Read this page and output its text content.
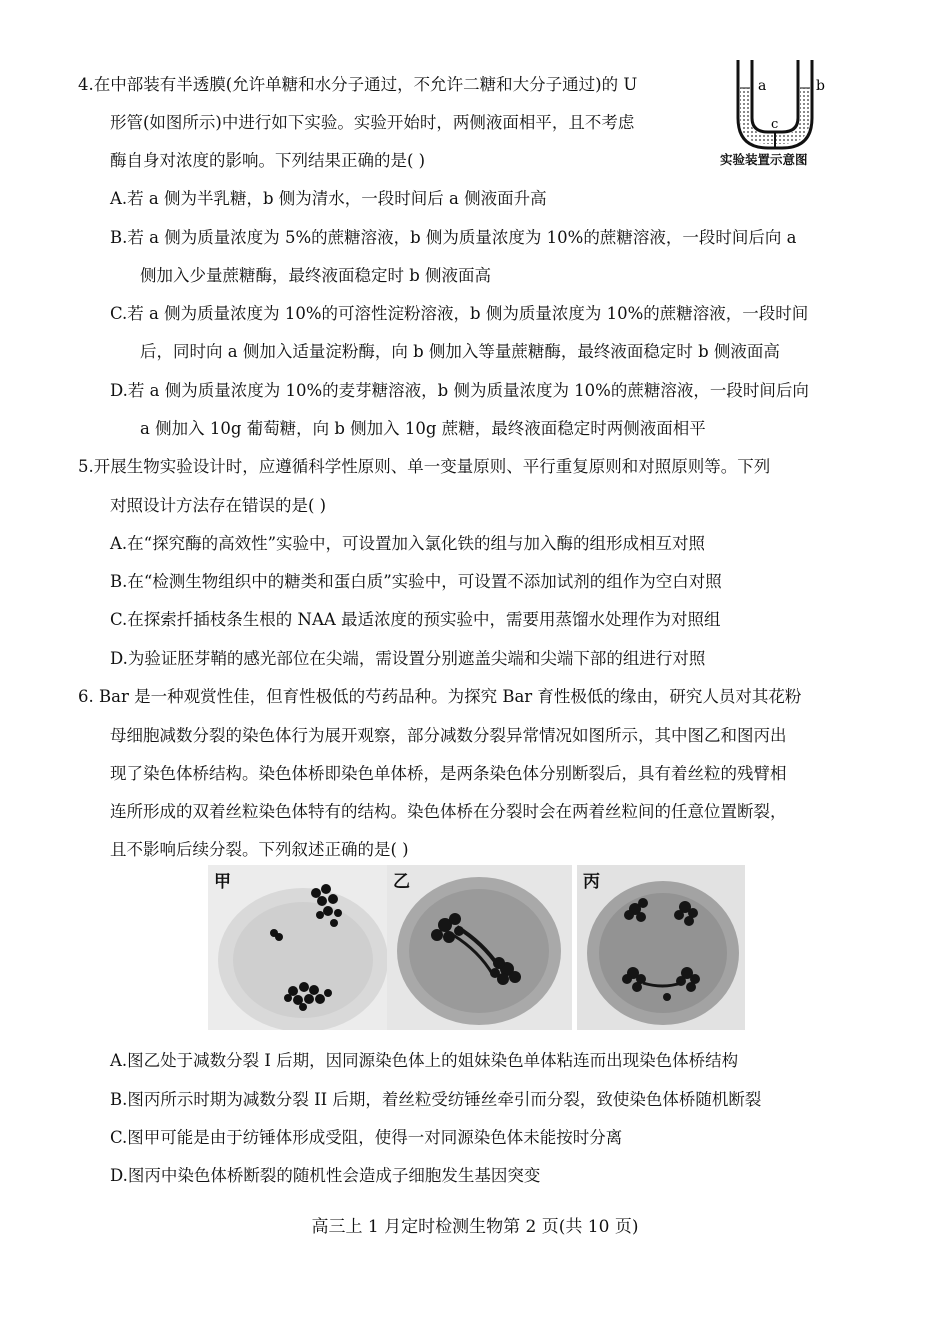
4.在中部装有半透膜(允许单糖和水分子通过，不允许二糖和大分子通过)的 U
形管(如图所示)中进行如下实验。实验开始时，两侧液面相平，且不考虑
酶自身对浓度的影响。下列结果正确的是( )
a	b
c
实验装置示意图
A.若 a 侧为半乳糖，b 侧为清水，一段时间后 a 侧液面升高
B.若 a 侧为质量浓度为 5%的蔗糖溶液，b 侧为质量浓度为 10%的蔗糖溶液，一段时间后向 a
侧加入少量蔗糖酶，最终液面稳定时 b 侧液面高
C.若 a 侧为质量浓度为 10%的可溶性淀粉溶液，b 侧为质量浓度为 10%的蔗糖溶液，一段时间
后，同时向 a 侧加入适量淀粉酶，向 b 侧加入等量蔗糖酶，最终液面稳定时 b 侧液面高
D.若 a 侧为质量浓度为 10%的麦芽糖溶液，b 侧为质量浓度为 10%的蔗糖溶液，一段时间后向
a 侧加入 10g 葡萄糖，向 b 侧加入 10g 蔗糖，最终液面稳定时两侧液面相平
5.开展生物实验设计时，应遵循科学性原则、单一变量原则、平行重复原则和对照原则等。下列
对照设计方法存在错误的是( )
A.在“探究酶的高效性”实验中，可设置加入氯化铁的组与加入酶的组形成相互对照
B.在“检测生物组织中的糖类和蛋白质”实验中，可设置不添加试剂的组作为空白对照
C.在探索扦插枝条生根的 NAA 最适浓度的预实验中，需要用蒸馏水处理作为对照组
D.为验证胚芽鞘的感光部位在尖端，需设置分别遮盖尖端和尖端下部的组进行对照
6. Bar 是一种观赏性佳，但育性极低的芍药品种。为探究 Bar 育性极低的缘由，研究人员对其花粉
母细胞减数分裂的染色体行为展开观察，部分减数分裂异常情况如图所示，其中图乙和图丙出
现了染色体桥结构。染色体桥即染色单体桥，是两条染色体分别断裂后，具有着丝粒的残臂相
连所形成的双着丝粒染色体特有的结构。染色体桥在分裂时会在两着丝粒间的任意位置断裂，
且不影响后续分裂。下列叙述正确的是( )
甲	乙	丙
A.图乙处于减数分裂 I 后期，因同源染色体上的姐妹染色单体粘连而出现染色体桥结构
B.图丙所示时期为减数分裂 II 后期，着丝粒受纺锤丝牵引而分裂，致使染色体桥随机断裂
C.图甲可能是由于纺锤体形成受阻，使得一对同源染色体未能按时分离
D.图丙中染色体桥断裂的随机性会造成子细胞发生基因突变
高三上 1 月定时检测生物第 2 页(共 10 页)
